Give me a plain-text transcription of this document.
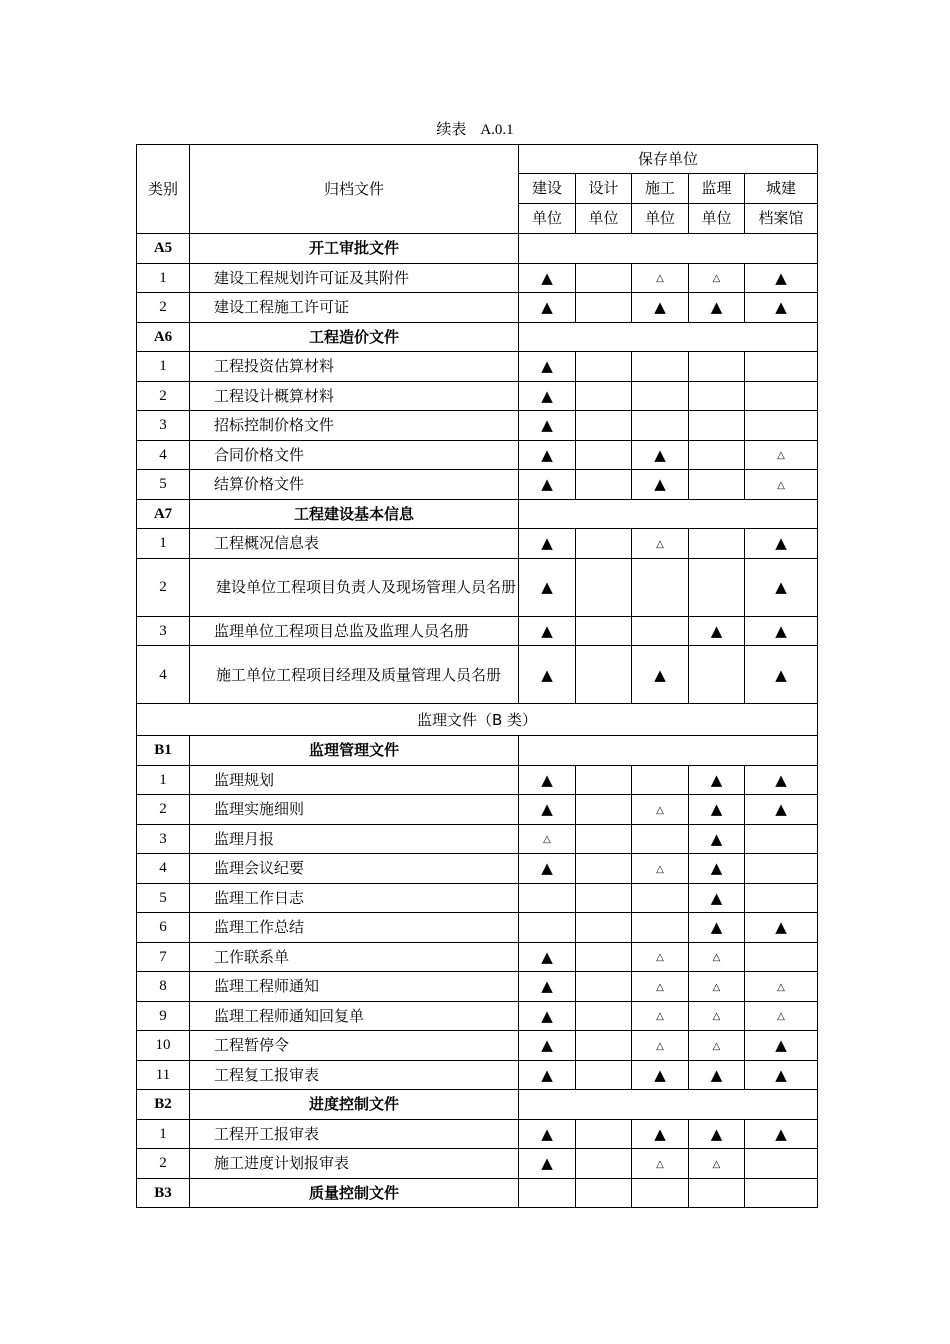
续表 A.0.1
类别	归档文件	保存单位				
		建设	设计	施工	监理	城建
		单位	单位	单位	单位	档案馆
A5	开工审批文件					
1	建设工程规划许可证及其附件	▲		△	△	▲
2	建设工程施工许可证	▲		▲	▲	▲
A6	工程造价文件					
1	工程投资估算材料	▲				
2	工程设计概算材料	▲				
3	招标控制价格文件	▲				
4	合同价格文件	▲		▲		△
5	结算价格文件	▲		▲		△
A7	工程建设基本信息					
1	工程概况信息表	▲		△		▲
2	建设单位工程项目负责人及现场管理人员名册	▲				▲
3	监理单位工程项目总监及监理人员名册	▲			▲	▲
4	施工单位工程项目经理及质量管理人员名册	▲		▲		▲
监理文件（B 类）						
B1	监理管理文件					
1	监理规划	▲			▲	▲
2	监理实施细则	▲		△	▲	▲
3	监理月报	△			▲	
4	监理会议纪要	▲		△	▲	
5	监理工作日志				▲	
6	监理工作总结				▲	▲
7	工作联系单	▲		△	△	
8	监理工程师通知	▲		△	△	△
9	监理工程师通知回复单	▲		△	△	△
10	工程暂停令	▲		△	△	▲
11	工程复工报审表	▲		▲	▲	▲
B2	进度控制文件					
1	工程开工报审表	▲		▲	▲	▲
2	施工进度计划报审表	▲		△	△	
B3	质量控制文件					
